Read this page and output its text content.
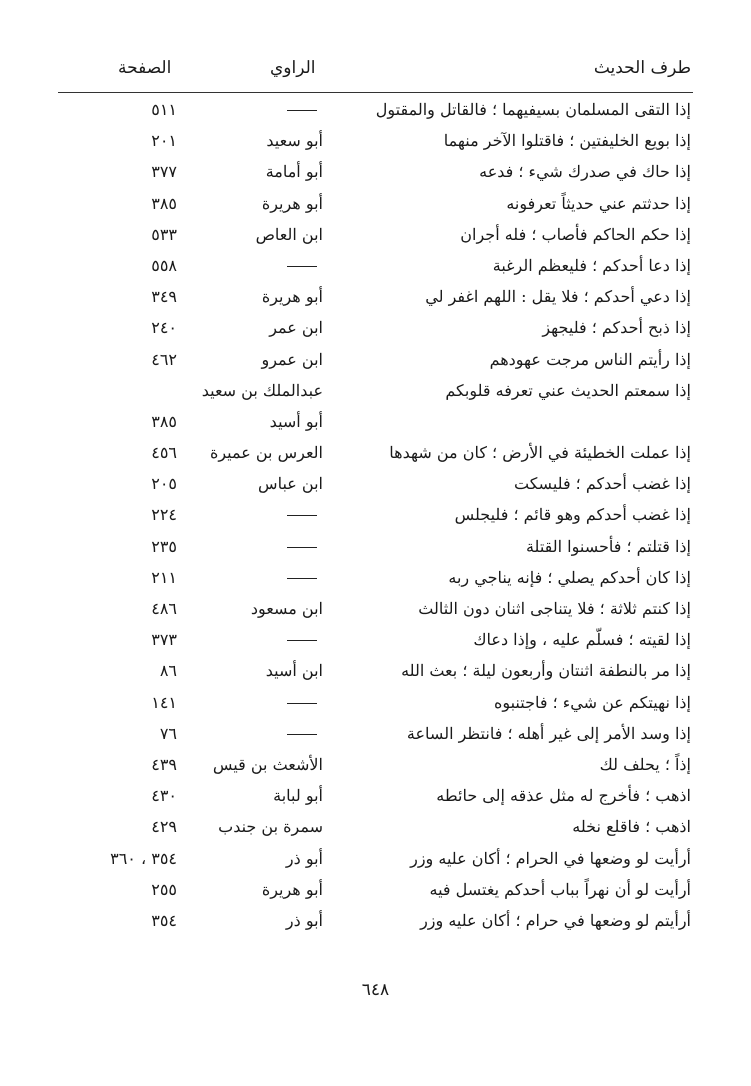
طرف الحديث
الراوي
الصفحة
إذا التقى المسلمان بسيفيهما ؛ فالقاتل والمقتول
٥١١
إذا بويع الخليفتين ؛ فاقتلوا الآخر منهما
أبو سعيد
٢٠١
إذا حاك في صدرك شيء ؛ فدعه
أبو أمامة
٣٧٧
إذا حدثتم عني حديثاً تعرفونه
أبو هريرة
٣٨٥
إذا حكم الحاكم فأصاب ؛ فله أجران
ابن العاص
٥٣٣
إذا دعا أحدكم ؛ فليعظم الرغبة
٥٥٨
إذا دعي أحدكم ؛ فلا يقل : اللهم اغفر لي
أبو هريرة
٣٤٩
إذا ذبح أحدكم ؛ فليجهز
ابن عمر
٢٤٠
إذا رأيتم الناس مرجت عهودهم
ابن عمرو
٤٦٢
إذا سمعتم الحديث عني تعرفه قلوبكم
عبدالملك بن سعيد
أبو أسيد
٣٨٥
إذا عملت الخطيئة في الأرض ؛ كان من شهدها
العرس بن عميرة
٤٥٦
إذا غضب أحدكم ؛ فليسكت
ابن عباس
٢٠٥
إذا غضب أحدكم وهو قائم ؛ فليجلس
٢٢٤
إذا قتلتم ؛ فأحسنوا القتلة
٢٣٥
إذا كان أحدكم يصلي ؛ فإنه يناجي ربه
٢١١
إذا كنتم ثلاثة ؛ فلا يتناجى اثنان دون الثالث
ابن مسعود
٤٨٦
إذا لقيته ؛ فسلّم عليه ، وإذا دعاك
٣٧٣
إذا مر بالنطفة اثنتان وأربعون ليلة ؛ بعث الله
ابن أسيد
٨٦
إذا نهيتكم عن شيء ؛ فاجتنبوه
١٤١
إذا وسد الأمر إلى غير أهله ؛ فانتظر الساعة
٧٦
إذاً ؛ يحلف لك
الأشعث بن قيس
٤٣٩
اذهب ؛ فأخرج له مثل عذقه إلى حائطه
أبو لبابة
٤٣٠
اذهب ؛ فاقلع نخله
سمرة بن جندب
٤٢٩
أرأيت لو وضعها في الحرام ؛ أكان عليه وزر
أبو ذر
٣٥٤ ، ٣٦٠
أرأيت لو أن نهراً بباب أحدكم يغتسل فيه
أبو هريرة
٢٥٥
أرأيتم لو وضعها في حرام ؛ أكان عليه وزر
أبو ذر
٣٥٤
٦٤٨
